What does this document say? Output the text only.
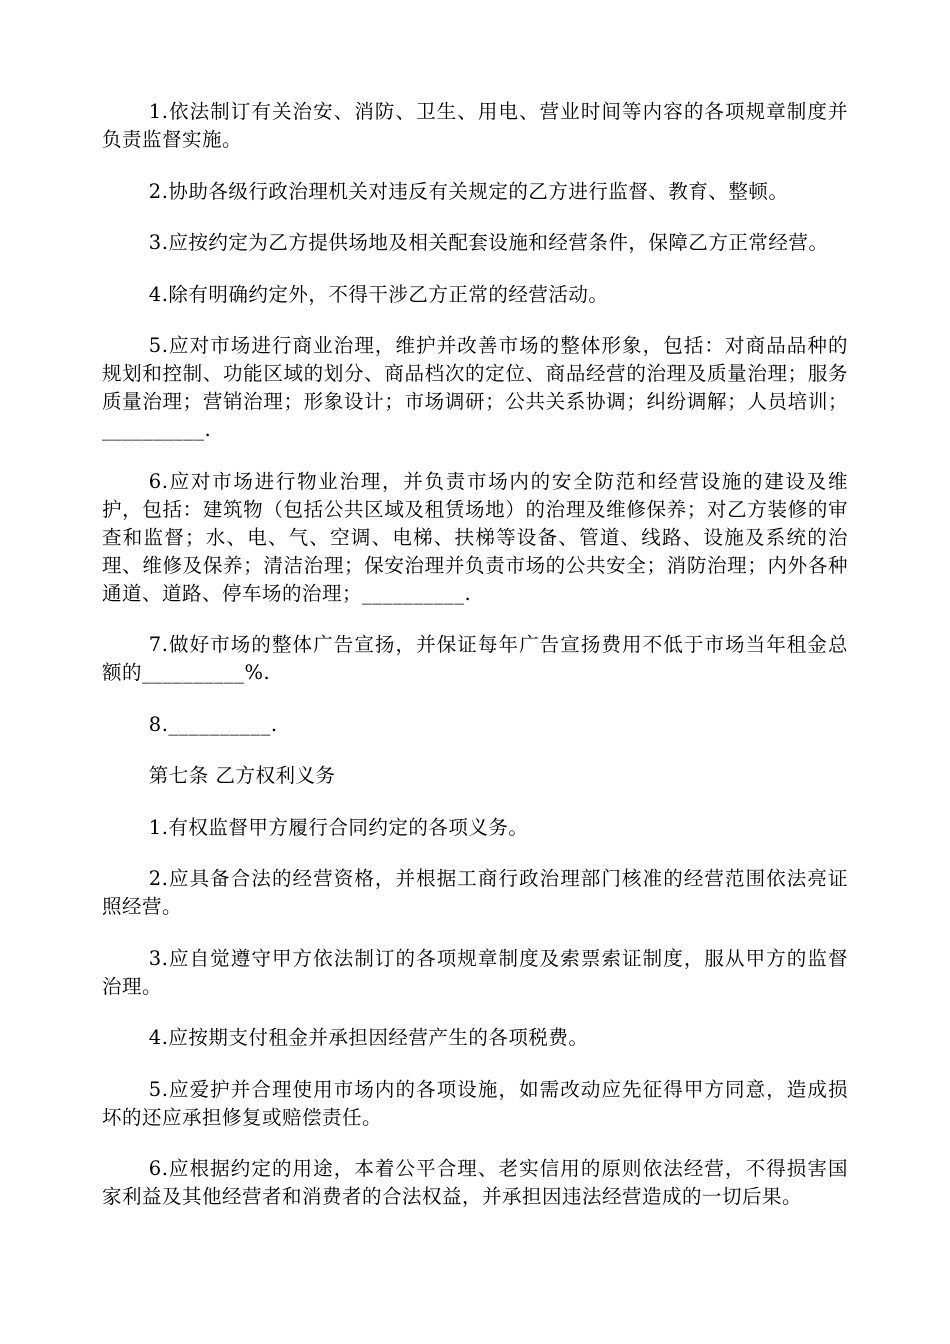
1.依法制订有关治安、消防、卫生、用电、营业时间等内容的各项规章制度并负责监督实施。

2.协助各级行政治理机关对违反有关规定的乙方进行监督、教育、整顿。

3.应按约定为乙方提供场地及相关配套设施和经营条件，保障乙方正常经营。

4.除有明确约定外，不得干涉乙方正常的经营活动。

5.应对市场进行商业治理，维护并改善市场的整体形象，包括：对商品品种的规划和控制、功能区域的划分、商品档次的定位、商品经营的治理及质量治理；服务质量治理；营销治理；形象设计；市场调研；公共关系协调；纠纷调解；人员培训；__________.

6.应对市场进行物业治理，并负责市场内的安全防范和经营设施的建设及维护，包括：建筑物（包括公共区域及租赁场地）的治理及维修保养；对乙方装修的审查和监督；水、电、气、空调、电梯、扶梯等设备、管道、线路、设施及系统的治理、维修及保养；清洁治理；保安治理并负责市场的公共安全；消防治理；内外各种通道、道路、停车场的治理；__________.

7.做好市场的整体广告宣扬，并保证每年广告宣扬费用不低于市场当年租金总额的__________%.

8.__________.

第七条 乙方权利义务

1.有权监督甲方履行合同约定的各项义务。

2.应具备合法的经营资格，并根据工商行政治理部门核准的经营范围依法亮证照经营。

3.应自觉遵守甲方依法制订的各项规章制度及索票索证制度，服从甲方的监督治理。

4.应按期支付租金并承担因经营产生的各项税费。

5.应爱护并合理使用市场内的各项设施，如需改动应先征得甲方同意，造成损坏的还应承担修复或赔偿责任。

6.应根据约定的用途，本着公平合理、老实信用的原则依法经营，不得损害国家利益及其他经营者和消费者的合法权益，并承担因违法经营造成的一切后果。
